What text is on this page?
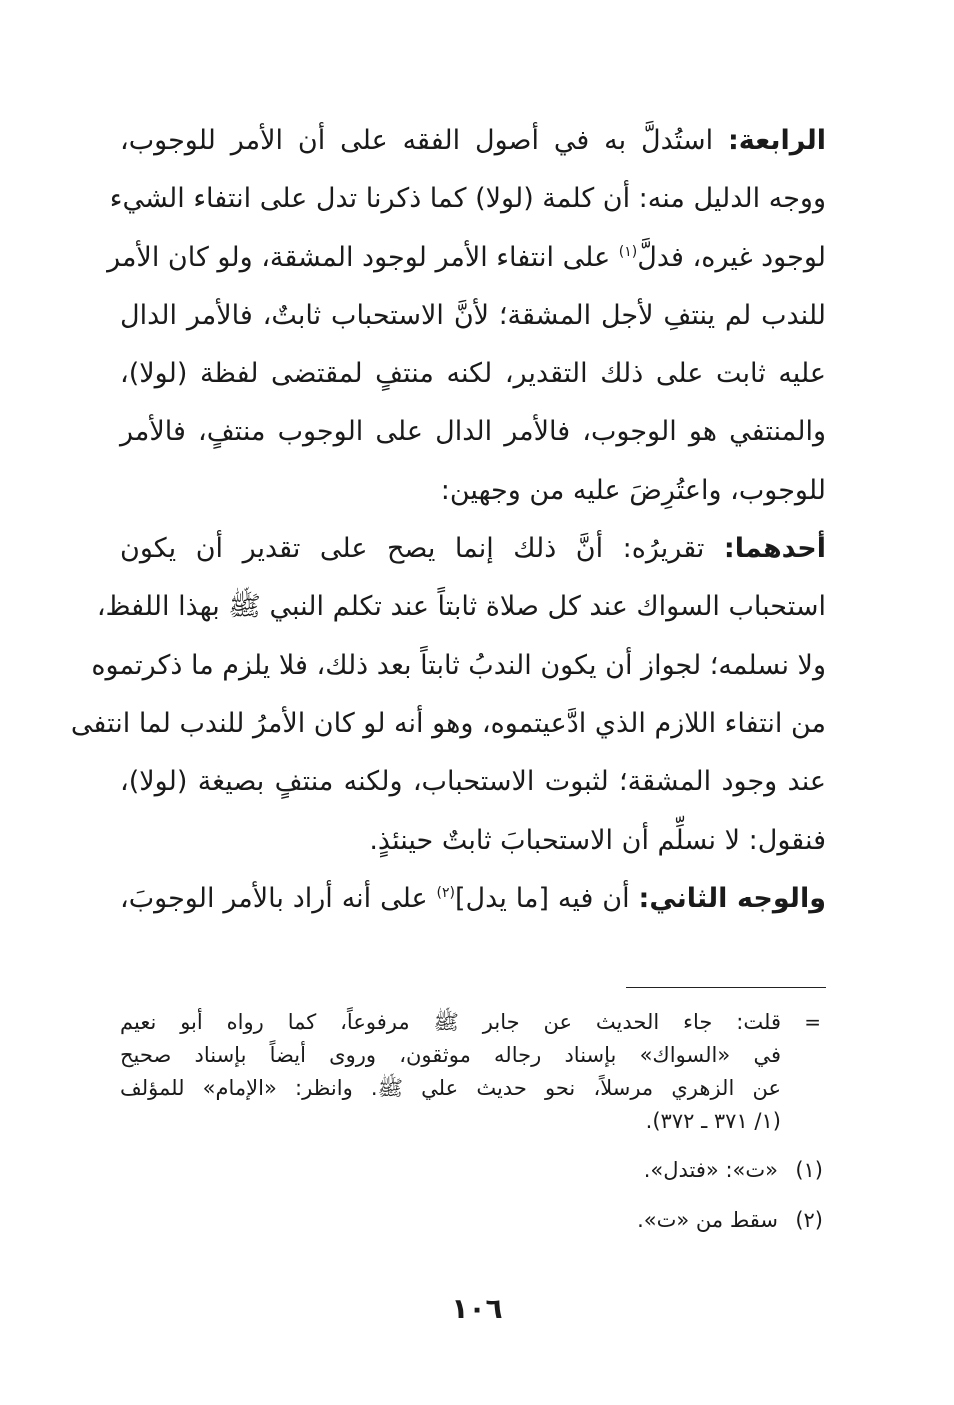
الرابعة: استُدلَّ به في أصول الفقه على أن الأمر للوجوب،
ووجه الدليل منه: أن كلمة (لولا) كما ذكرنا تدل على انتفاء الشيء
لوجود غيره، فدلَّ$^{(١)}$ على انتفاء الأمر لوجود المشقة، ولو كان الأمر
للندب لم ينتفِ لأجل المشقة؛ لأنَّ الاستحباب ثابتٌ، فالأمر الدال
عليه ثابت على ذلك التقدير، لكنه منتفٍ لمقتضى لفظة (لولا)،
والمنتفي هو الوجوب، فالأمر الدال على الوجوب منتفٍ، فالأمر
للوجوب، واعتُرِضَ عليه من وجهين:
أحدهما: تقريرُه: أنَّ ذلك إنما يصح على تقدير أن يكون
استحباب السواك عند كل صلاة ثابتاً عند تكلم النبي ﷺ بهذا اللفظ،
ولا نسلمه؛ لجواز أن يكون الندبُ ثابتاً بعد ذلك، فلا يلزم ما ذكرتموه
من انتفاء اللازم الذي ادَّعيتموه، وهو أنه لو كان الأمرُ للندب لما انتفى
عند وجود المشقة؛ لثبوت الاستحباب، ولكنه منتفٍ بصيغة (لولا)،
فنقول: لا نسلِّم أن الاستحبابَ ثابتٌ حينئذٍ.
والوجه الثاني: أن فيه [ما يدل]$^{(٢)}$ على أنه أراد بالأمر الوجوبَ،
=
قلت: جاء الحديث عن جابر ﷺ مرفوعاً، كما رواه أبو نعيم
في «السواك» بإسناد رجاله موثقون، وروى أيضاً بإسناد صحيح
عن الزهري مرسلاً، نحو حديث علي ﷺ. وانظر: «الإمام» للمؤلف
(١/ ٣٧١ ـ ٣٧٢).
(١)
«ت»: «فتدل».
(٢)
سقط من «ت».
١٠٦
